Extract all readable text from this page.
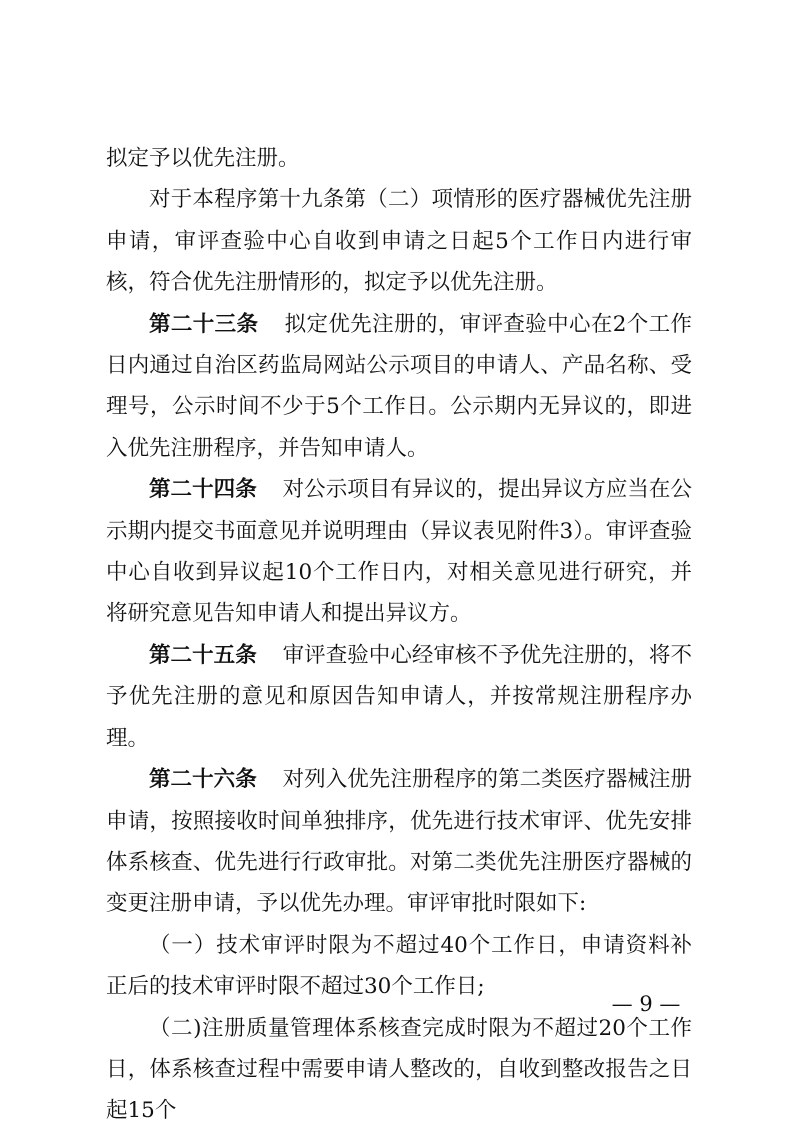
拟定予以优先注册。

对于本程序第十九条第（二）项情形的医疗器械优先注册申请，审评查验中心自收到申请之日起5个工作日内进行审核，符合优先注册情形的，拟定予以优先注册。

第二十三条 拟定优先注册的，审评查验中心在2个工作日内通过自治区药监局网站公示项目的申请人、产品名称、受理号，公示时间不少于5个工作日。公示期内无异议的，即进入优先注册程序，并告知申请人。

第二十四条 对公示项目有异议的，提出异议方应当在公示期内提交书面意见并说明理由（异议表见附件3）。审评查验中心自收到异议起10个工作日内，对相关意见进行研究，并将研究意见告知申请人和提出异议方。

第二十五条 审评查验中心经审核不予优先注册的，将不予优先注册的意见和原因告知申请人，并按常规注册程序办理。

第二十六条 对列入优先注册程序的第二类医疗器械注册申请，按照接收时间单独排序，优先进行技术审评、优先安排体系核查、优先进行行政审批。对第二类优先注册医疗器械的变更注册申请，予以优先办理。审评审批时限如下:

（一）技术审评时限为不超过40个工作日，申请资料补正后的技术审评时限不超过30个工作日;

（二)注册质量管理体系核查完成时限为不超过20个工作日，体系核查过程中需要申请人整改的，自收到整改报告之日起15个

— 9 —
